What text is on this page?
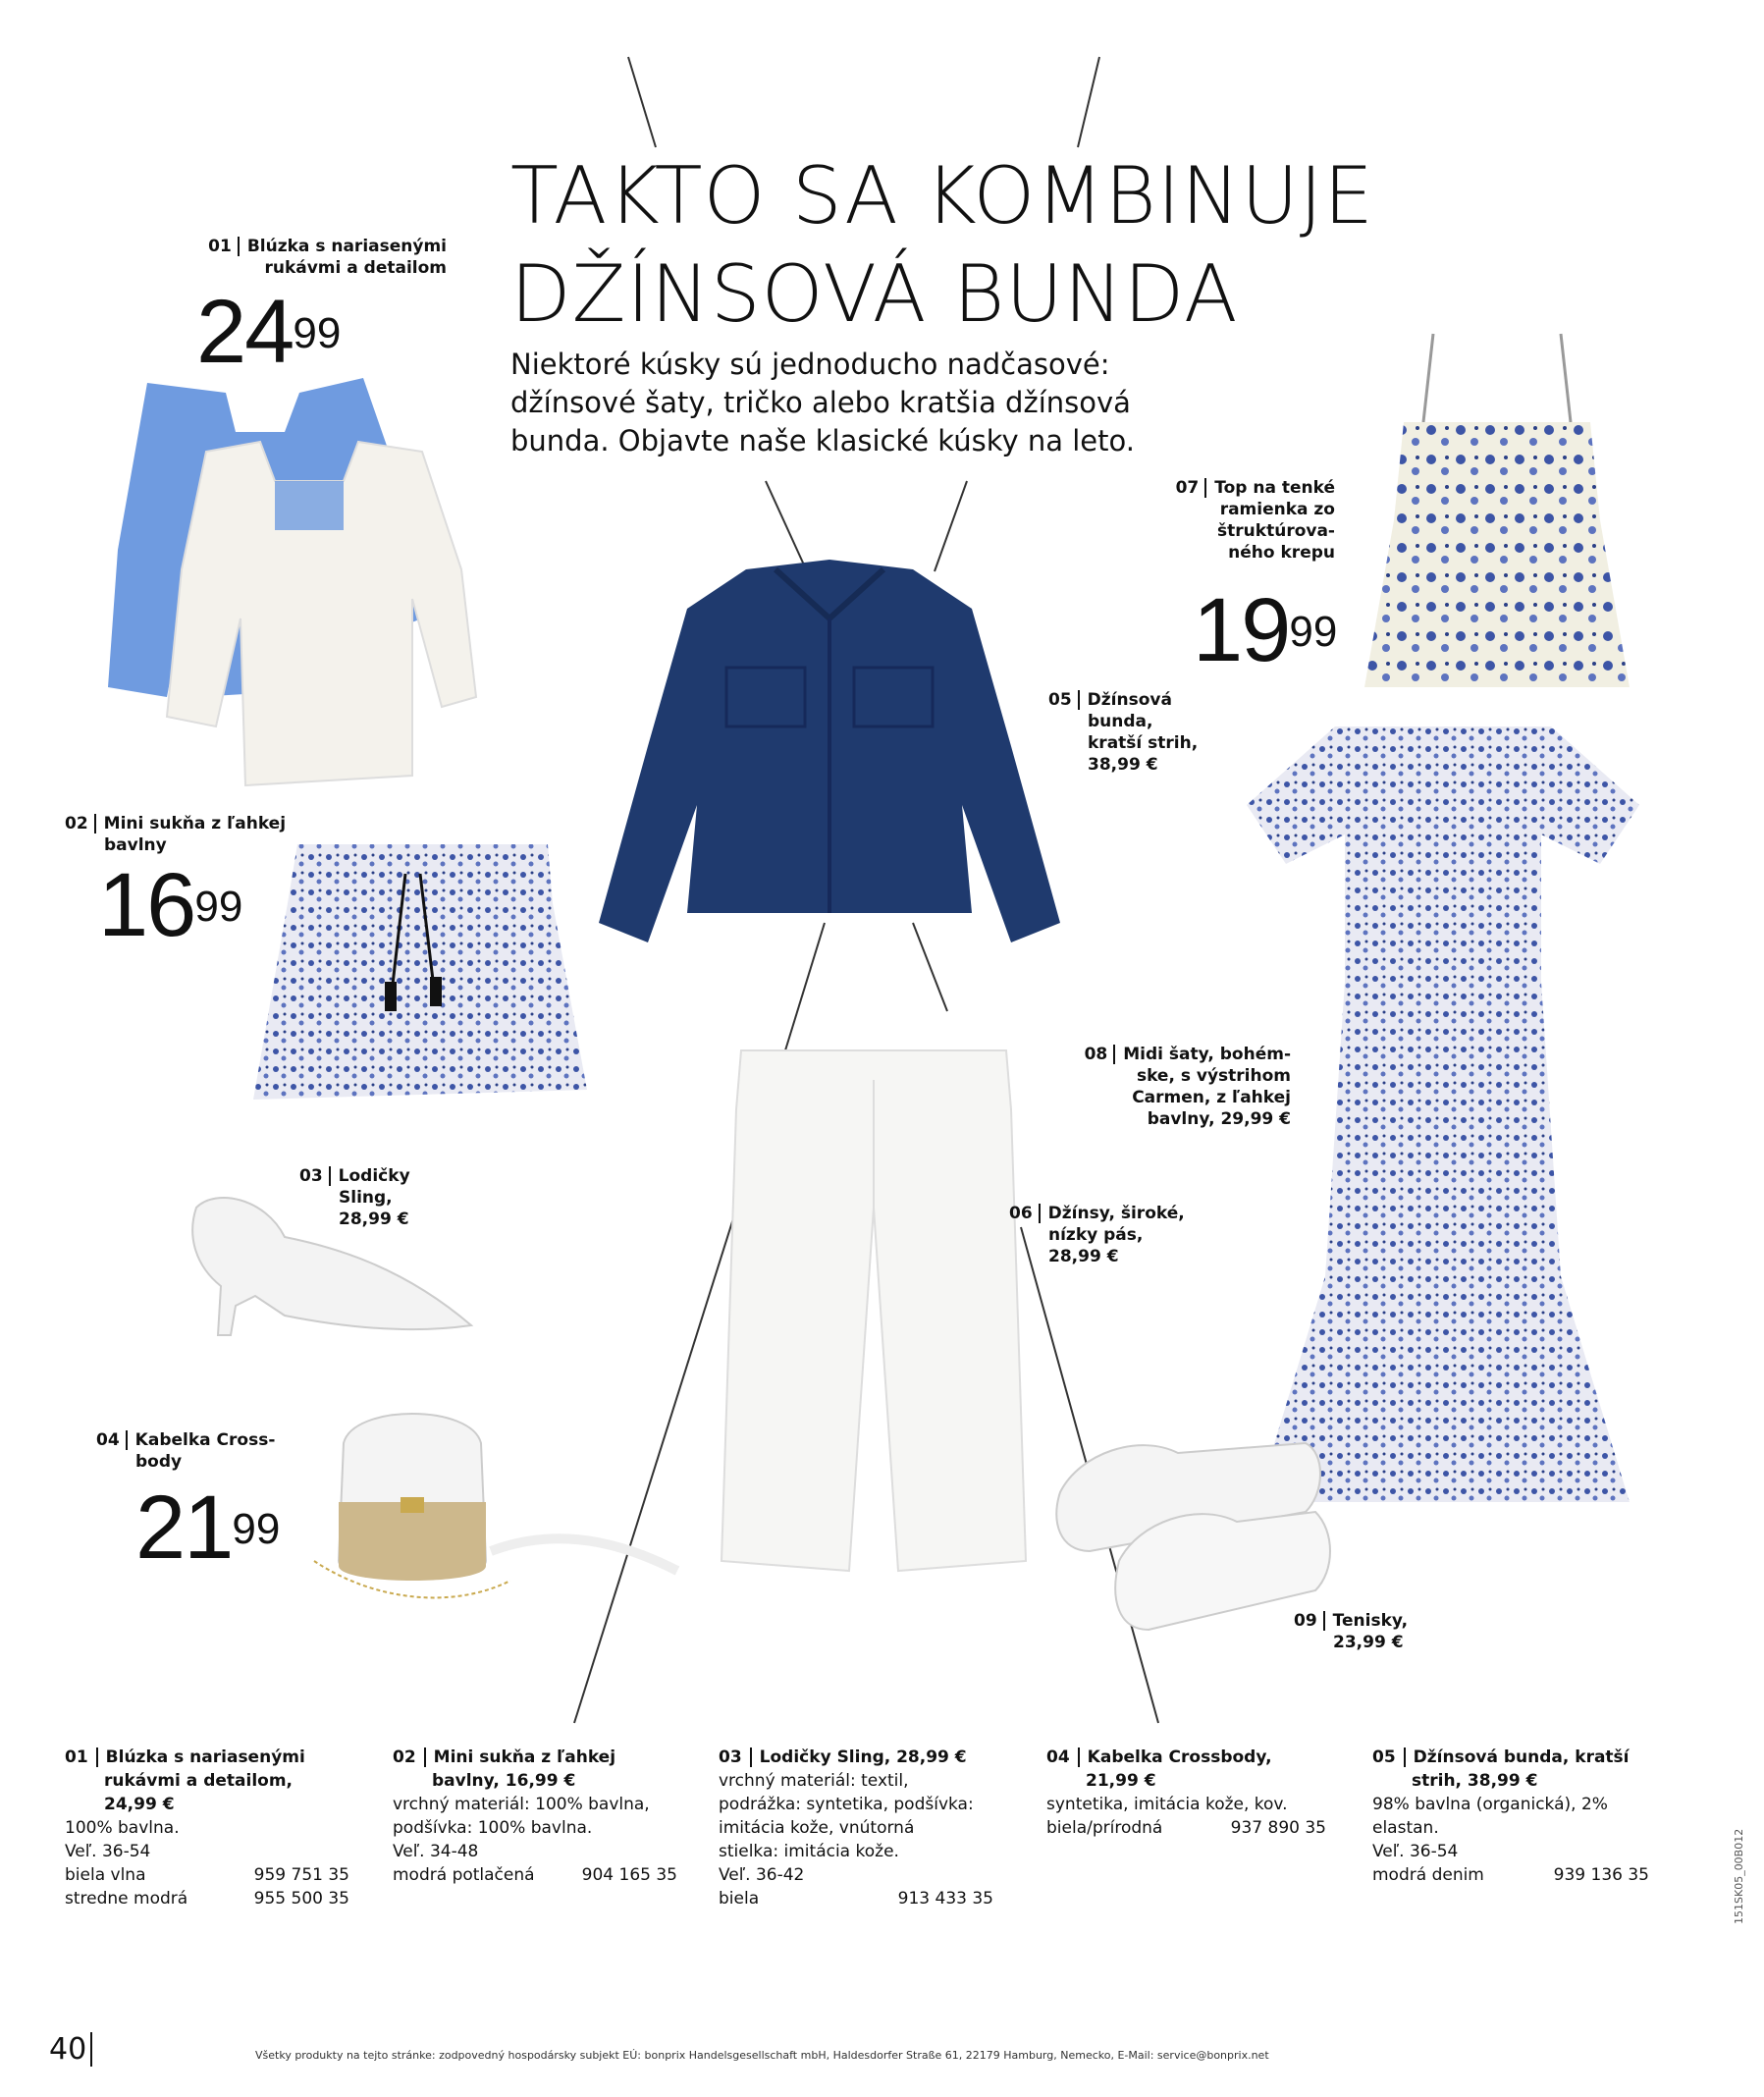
TAKTO SA KOMBINUJE
DŽÍNSOVÁ BUNDA

Niektoré kúsky sú jednoducho nadčasové: džínsové šaty, tričko alebo kratšia džínsová bunda. Objavte naše klasické kúsky na leto.

01 Blúzka s nariasenými
rukávmi a detailom
$24^{99}$
02 Mini sukňa z ľahkej
bavlny
$16^{99}$
03 Lodičky
Sling,
28,99 €
04 Kabelka Cross-
body
$21^{99}$
05 Džínsová
bunda,
kratší strih,
38,99 €
06 Džínsy, široké,
nízky pás,
28,99 €
07 Top na tenké
ramienka zo
štruktúrova-
ného krepu
$19^{99}$
08 Midi šaty, bohém-
ske, s výstrihom
Carmen, z ľahkej
bavlny, 29,99 €
09 Tenisky,
23,99 €
01 Blúzka s nariasenými
rukávmi a detailom,
24,99 €
100% bavlna.
Veľ. 36-54
biela vlna	959 751 35
stredne modrá	955 500 35
02 Mini sukňa z ľahkej
bavlny, 16,99 €
vrchný materiál: 100% bavlna,
podšívka: 100% bavlna.
Veľ. 34-48
modrá potlačená	904 165 35
03 Lodičky Sling, 28,99 €
vrchný materiál: textil,
podrážka: syntetika, podšívka:
imitácia kože, vnútorná
stielka: imitácia kože.
Veľ. 36-42
biela	913 433 35
04 Kabelka Crossbody,
21,99 €
syntetika, imitácia kože, kov.
biela/prírodná	937 890 35
05 Džínsová bunda, kratší
strih, 38,99 €
98% bavlna (organická), 2%
elastan.
Veľ. 36-54
modrá denim	939 136 35
40	Všetky produkty na tejto stránke: zodpovedný hospodársky subjekt EÚ: bonprix Handelsgesellschaft mbH, Haldesdorfer Straße 61, 22179 Hamburg, Nemecko, E-Mail: service@bonprix.net
151SK05_00B012
